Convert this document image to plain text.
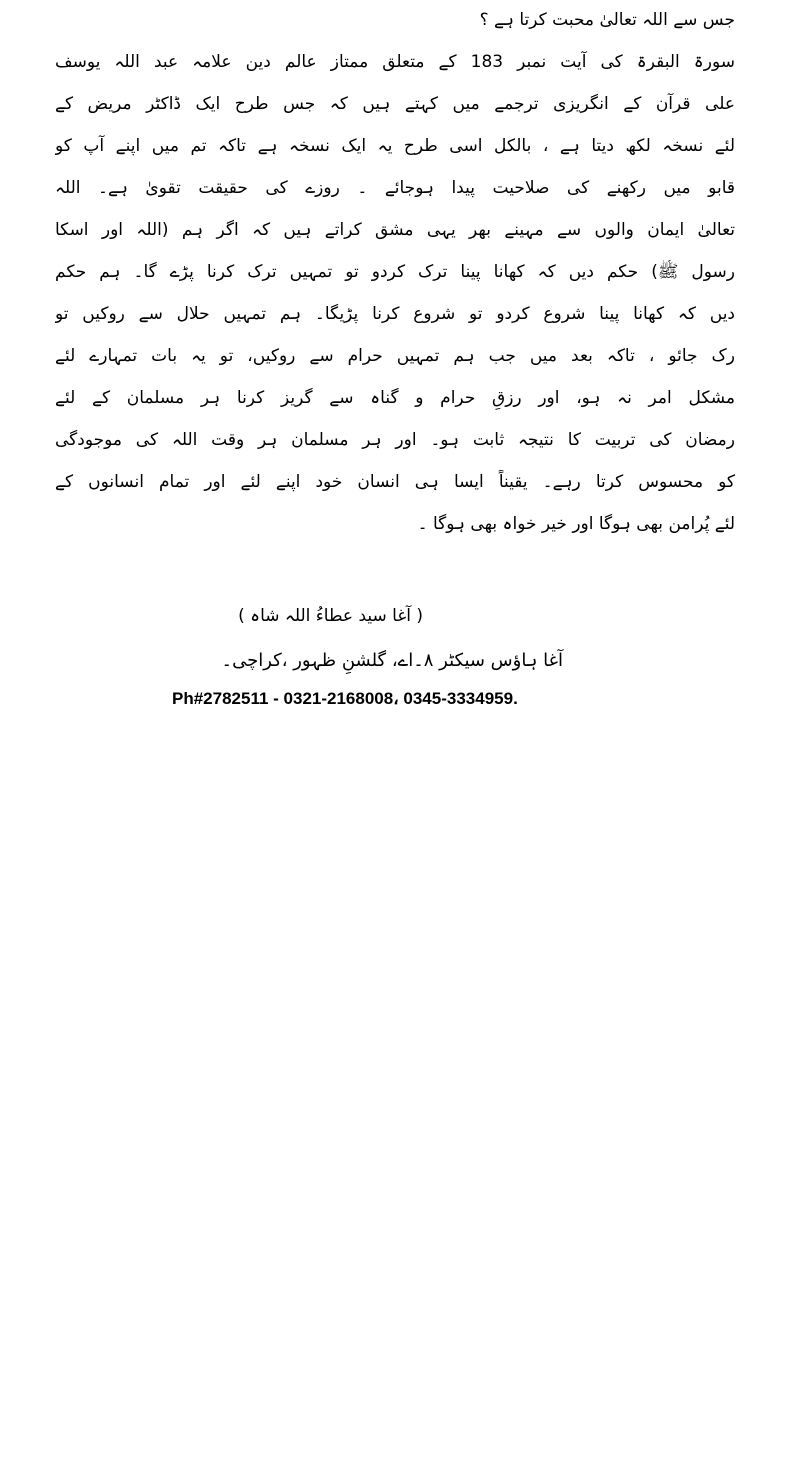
جس سے اللہ تعالیٰ محبت کرتا ہے ؟
سورۃ البقرۃ کی آیت نمبر 183 کے متعلق ممتاز عالم دین علامہ عبد اللہ یوسف
علی قرآن کے انگریزی ترجمے میں کہتے ہیں کہ جس طرح ایک ڈاکٹر مریض کے
لئے نسخہ لکھ دیتا ہے ، بالکل اسی طرح یہ ایک نسخہ ہے تاکہ تم میں اپنے آپ کو
قابو میں رکھنے کی صلاحیت پیدا ہوجائے ۔ روزے کی حقیقت تقویٰ ہے۔ اللہ
تعالیٰ ایمان والوں سے مہینے بھر یہی مشق کراتے ہیں کہ اگر ہم (اللہ اور اسکا
رسول ﷺ) حکم دیں کہ کھانا پینا ترک کردو تو تمہیں ترک کرنا پڑے گا۔ ہم حکم
دیں کہ کھانا پینا شروع کردو تو شروع کرنا پڑیگا۔ ہم تمہیں حلال سے روکیں تو
رک جائو ، تاکہ بعد میں جب ہم تمہیں حرام سے روکیں، تو یہ بات تمہارے لئے
مشکل امر نہ ہو، اور رزقِ حرام و گناہ سے گریز کرنا ہر مسلمان کے لئے
رمضان کی تربیت کا نتیجہ ثابت ہو۔ اور ہر مسلمان ہر وقت اللہ کی موجودگی
کو محسوس کرتا رہے۔ یقیناً ایسا ہی انسان خود اپنے لئے اور تمام انسانوں کے
لئے پُرامن بھی ہوگا اور خیر خواہ بھی ہوگا ۔
( آغا سید عطاءُ اللہ شاہ )
آغا ہاؤس سیکٹر ۸۔اے، گلشنِ ظہور ،کراچی۔
Ph#2782511 - 0321-2168008، 0345-3334959.
